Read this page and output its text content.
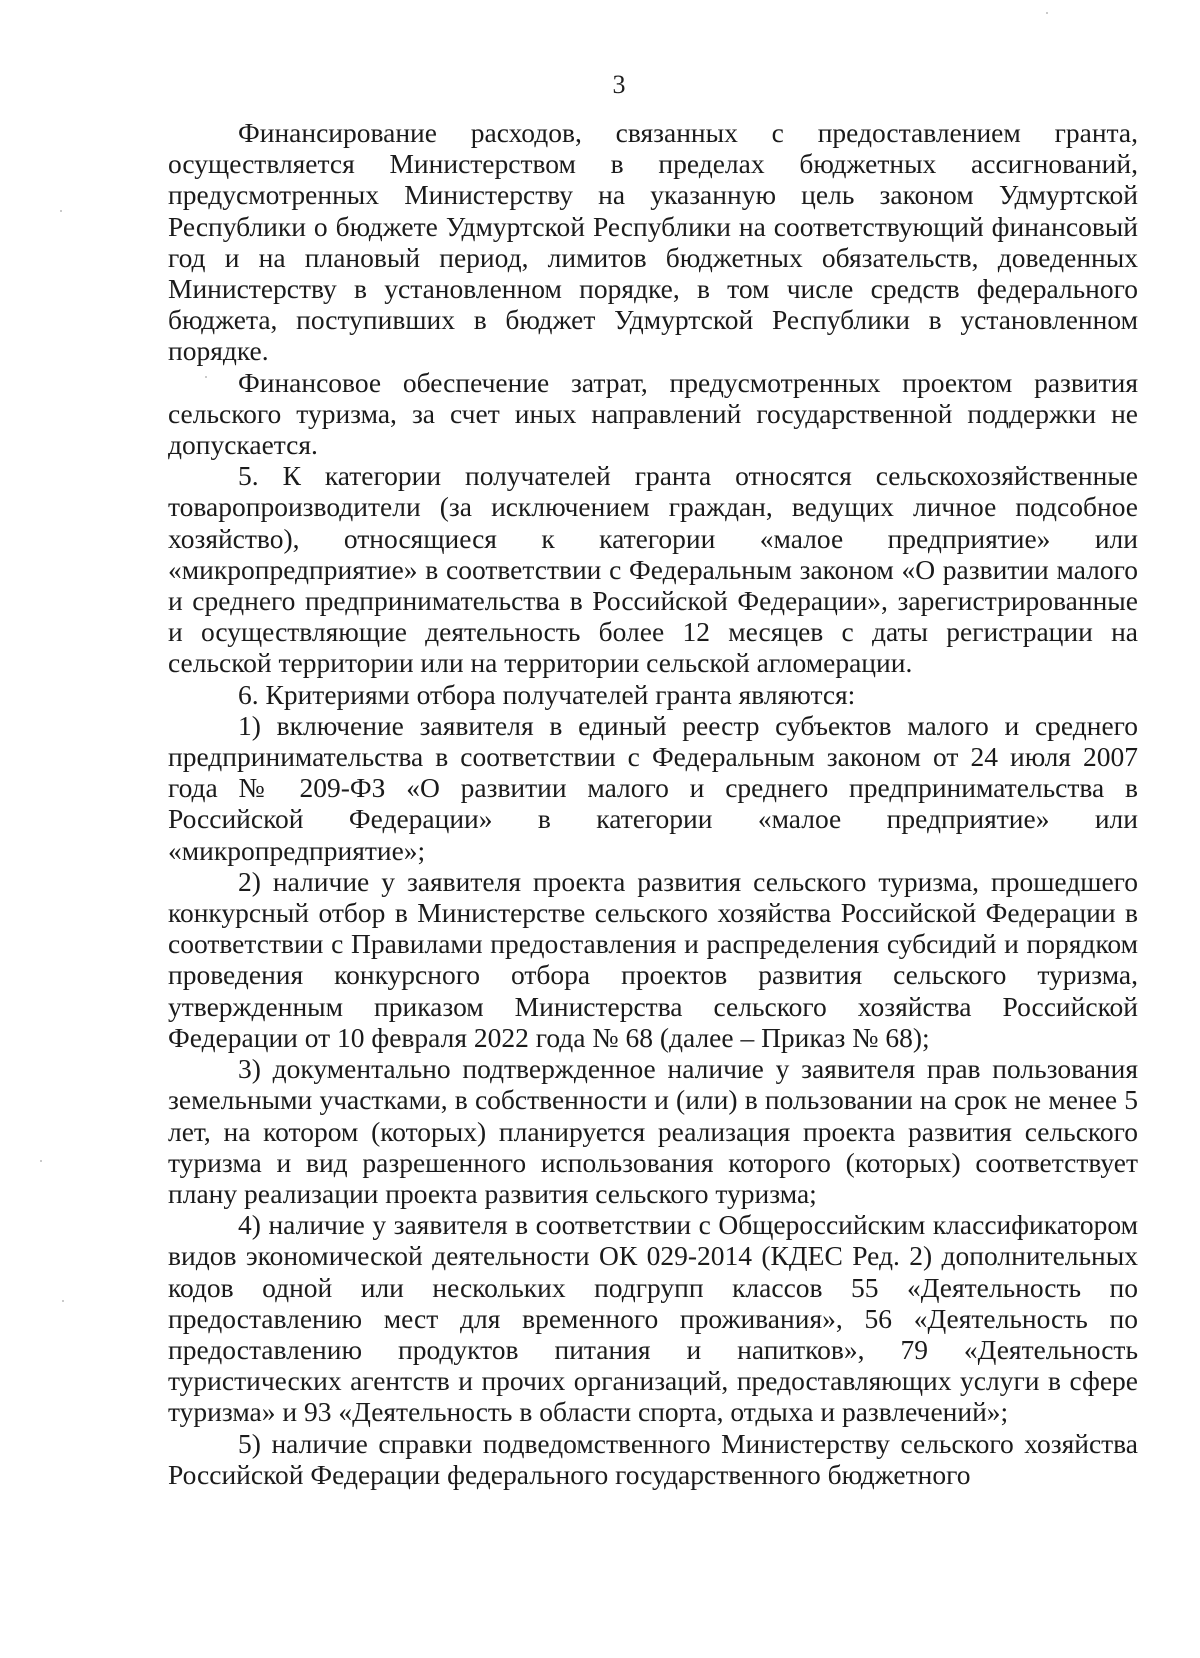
3

Финансирование расходов, связанных с предоставлением гранта, осуществляется Министерством в пределах бюджетных ассигнований, предусмотренных Министерству на указанную цель законом Удмуртской Республики о бюджете Удмуртской Республики на соответствующий финансовый год и на плановый период, лимитов бюджетных обязательств, доведенных Министерству в установленном порядке, в том числе средств федерального бюджета, поступивших в бюджет Удмуртской Республики в установленном порядке.

Финансовое обеспечение затрат, предусмотренных проектом развития сельского туризма, за счет иных направлений государственной поддержки не допускается.

5. К категории получателей гранта относятся сельскохозяйственные товаропроизводители (за исключением граждан, ведущих личное подсобное хозяйство), относящиеся к категории «малое предприятие» или «микропредприятие» в соответствии с Федеральным законом «О развитии малого и среднего предпринимательства в Российской Федерации», зарегистрированные и осуществляющие деятельность более 12 месяцев с даты регистрации на сельской территории или на территории сельской агломерации.

6. Критериями отбора получателей гранта являются:

1) включение заявителя в единый реестр субъектов малого и среднего предпринимательства в соответствии с Федеральным законом от 24 июля 2007 года № 209-ФЗ «О развитии малого и среднего предпринимательства в Российской Федерации» в категории «малое предприятие» или «микропредприятие»;

2) наличие у заявителя проекта развития сельского туризма, прошедшего конкурсный отбор в Министерстве сельского хозяйства Российской Федерации в соответствии с Правилами предоставления и распределения субсидий и порядком проведения конкурсного отбора проектов развития сельского туризма, утвержденным приказом Министерства сельского хозяйства Российской Федерации от 10 февраля 2022 года № 68 (далее – Приказ № 68);

3) документально подтвержденное наличие у заявителя прав пользования земельными участками, в собственности и (или) в пользовании на срок не менее 5 лет, на котором (которых) планируется реализация проекта развития сельского туризма и вид разрешенного использования которого (которых) соответствует плану реализации проекта развития сельского туризма;

4) наличие у заявителя в соответствии с Общероссийским классификатором видов экономической деятельности ОК 029-2014 (КДЕС Ред. 2) дополнительных кодов одной или нескольких подгрупп классов 55 «Деятельность по предоставлению мест для временного проживания», 56 «Деятельность по предоставлению продуктов питания и напитков», 79 «Деятельность туристических агентств и прочих организаций, предоставляющих услуги в сфере туризма» и 93 «Деятельность в области спорта, отдыха и развлечений»;

5) наличие справки подведомственного Министерству сельского хозяйства Российской Федерации федерального государственного бюджетного
